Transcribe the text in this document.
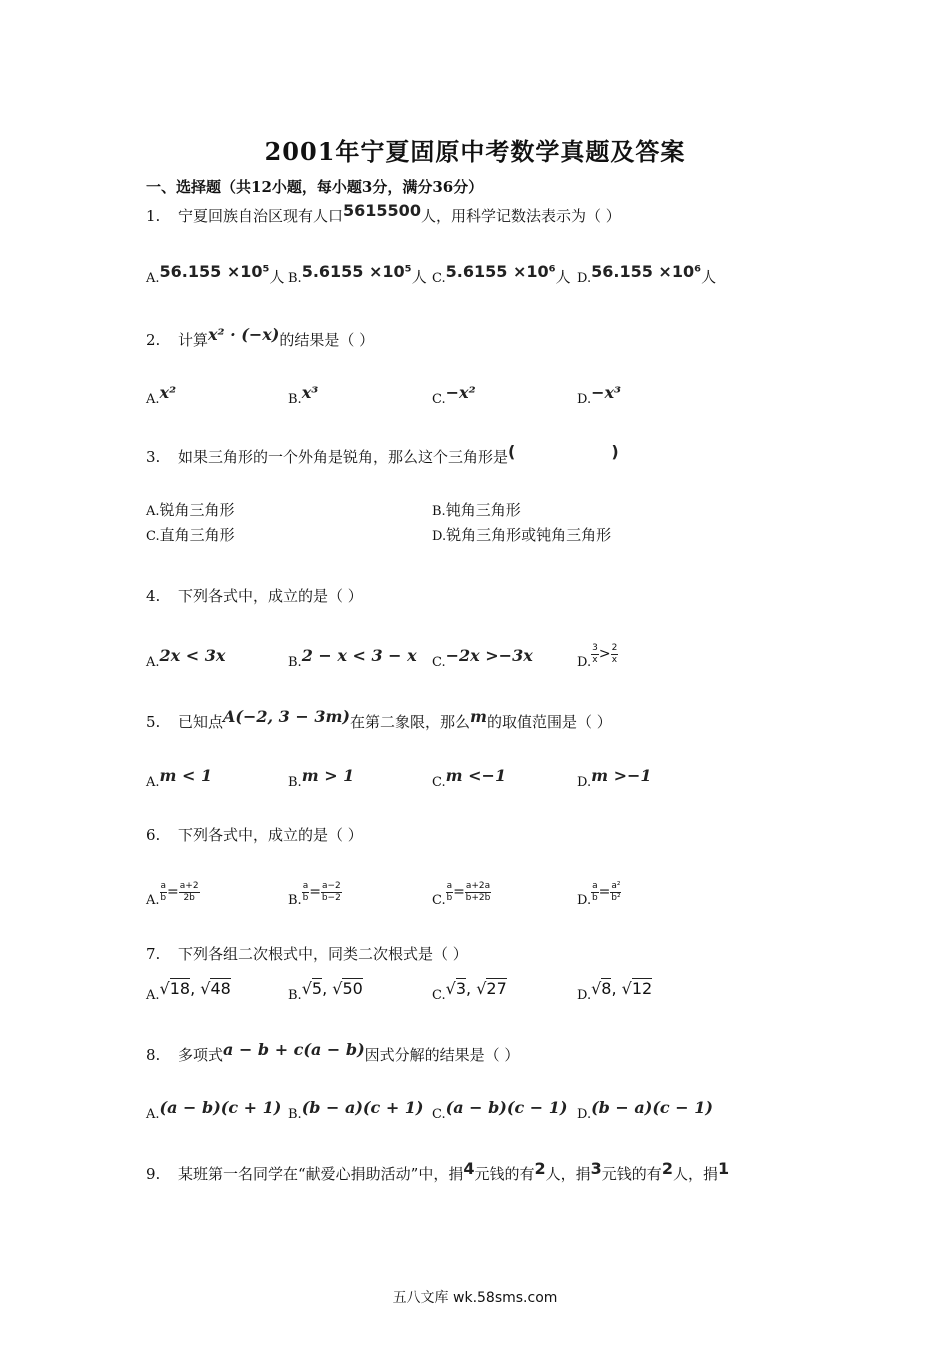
2001年宁夏固原中考数学真题及答案
一、选择题（共12小题，每小题3分，满分36分）
1. 宁夏回族自治区现有人口5615500人，用科学记数法表示为（ ）
A.56.155 ×10⁵人 B.5.6155 ×10⁵人 C.5.6155 ×10⁶人 D.56.155 ×10⁶人
2. 计算x² · (−x)的结果是（ ）
A.x²	B.x³	C.−x²	D.−x³
3. 如果三角形的一个外角是锐角，那么这个三角形是(	)
A.锐角三角形	B.钝角三角形
C.直角三角形	D.锐角三角形或钝角三角形
4. 下列各式中，成立的是（ ）
A.2x < 3x	B.2 − x < 3 − x C.−2x >−3x	D. $\frac{3}{x} > \frac{2}{x}$
5. 已知点A(−2, 3 − 3m)在第二象限，那么m的取值范围是（ ）
A.m < 1	B.m > 1	C.m <−1	D.m >−1
6. 下列各式中，成立的是（ ）
A. $\frac{a}{b} = \frac{a+2}{2b}$	B. $\frac{a}{b} = \frac{a-2}{b-2}$	C. $\frac{a}{b} = \frac{a+2a}{b+2b}$	D. $\frac{a}{b} = \frac{\text{a²}}{\text{b²}}$
7. 下列各组二次根式中，同类二次根式是（ ）
A.√18, √48	B.√5, √50	C.√3, √27	D.√8, √12
8. 多项式a − b + c(a − b)因式分解的结果是（ ）
A.(a − b)(c + 1) B.(b − a)(c + 1) C.(a − b)(c − 1) D.(b − a)(c − 1)
9. 某班第一名同学在“献爱心捐助活动”中，捐4元钱的有2人，捐3元钱的有2人，捐1
五八文库 wk.58sms.com
